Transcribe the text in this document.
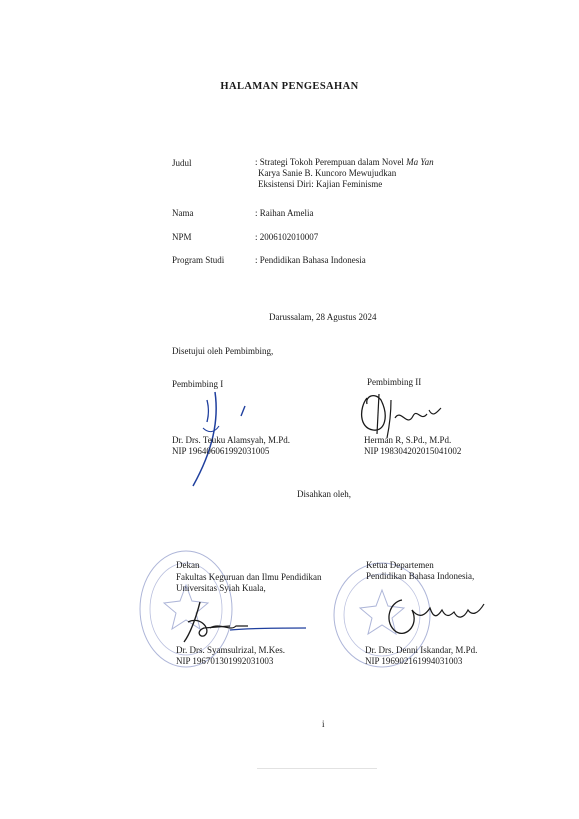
HALAMAN PENGESAHAN
Judul	: Strategi Tokoh Perempuan dalam Novel Ma Yan
Karya Sanie B. Kuncoro Mewujudkan
Eksistensi Diri: Kajian Feminisme
Nama	: Raihan Amelia
NPM	: 2006102010007
Program Studi	: Pendidikan Bahasa Indonesia
Darussalam, 28 Agustus 2024
Disetujui oleh Pembimbing,
Pembimbing I
Dr. Drs. Teuku Alamsyah, M.Pd.
NIP 196406061992031005
Pembimbing II
Herman R, S.Pd., M.Pd.
NIP 198304202015041002
Disahkan oleh,
Dekan
Fakultas Keguruan dan Ilmu Pendidikan
Universitas Syiah Kuala,
Dr. Drs. Syamsulrizal, M.Kes.
NIP 196701301992031003
Ketua Departemen
Pendidikan Bahasa Indonesia,
Dr. Drs. Denni Iskandar, M.Pd.
NIP 196902161994031003
i
